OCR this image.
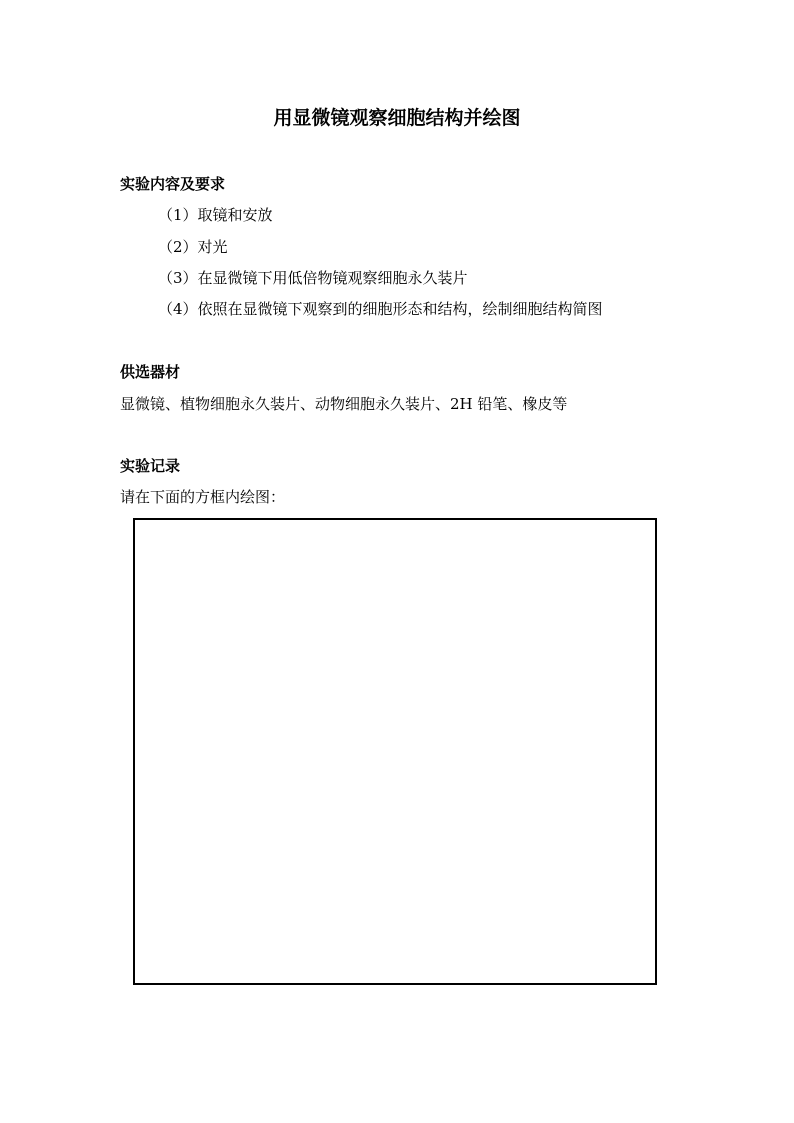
用显微镜观察细胞结构并绘图
实验内容及要求
（1）取镜和安放
（2）对光
（3）在显微镜下用低倍物镜观察细胞永久装片
（4）依照在显微镜下观察到的细胞形态和结构，绘制细胞结构简图
供选器材
显微镜、植物细胞永久装片、动物细胞永久装片、2H 铅笔、橡皮等
实验记录
请在下面的方框内绘图：
